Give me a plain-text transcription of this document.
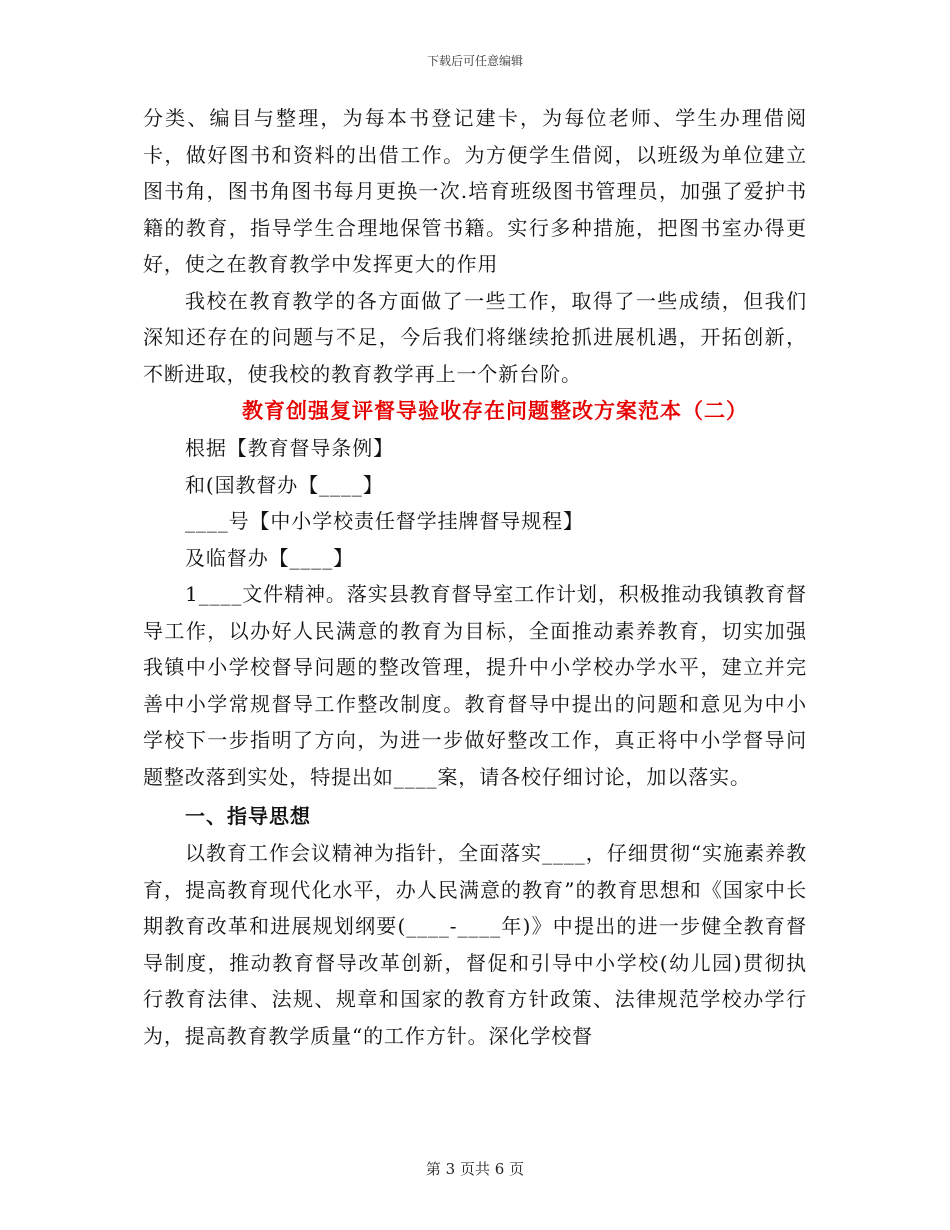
下载后可任意编辑

分类、编目与整理，为每本书登记建卡，为每位老师、学生办理借阅卡，做好图书和资料的出借工作。为方便学生借阅，以班级为单位建立图书角，图书角图书每月更换一次.培育班级图书管理员，加强了爱护书籍的教育，指导学生合理地保管书籍。实行多种措施，把图书室办得更好，使之在教育教学中发挥更大的作用

我校在教育教学的各方面做了一些工作，取得了一些成绩，但我们深知还存在的问题与不足，今后我们将继续抢抓进展机遇，开拓创新，不断进取，使我校的教育教学再上一个新台阶。

教育创强复评督导验收存在问题整改方案范本（二）

根据【教育督导条例】

和(国教督办【____】

____号【中小学校责任督学挂牌督导规程】

及临督办【____】

1____文件精神。落实县教育督导室工作计划，积极推动我镇教育督导工作，以办好人民满意的教育为目标，全面推动素养教育，切实加强我镇中小学校督导问题的整改管理，提升中小学校办学水平，建立并完善中小学常规督导工作整改制度。教育督导中提出的问题和意见为中小学校下一步指明了方向，为进一步做好整改工作，真正将中小学督导问题整改落到实处，特提出如____案，请各校仔细讨论，加以落实。

一、指导思想

以教育工作会议精神为指针，全面落实____，仔细贯彻“实施素养教育，提高教育现代化水平，办人民满意的教育”的教育思想和《国家中长期教育改革和进展规划纲要(____-____年)》中提出的进一步健全教育督导制度，推动教育督导改革创新，督促和引导中小学校(幼儿园)贯彻执行教育法律、法规、规章和国家的教育方针政策、法律规范学校办学行为，提高教育教学质量“的工作方针。深化学校督

第 3 页共 6 页
